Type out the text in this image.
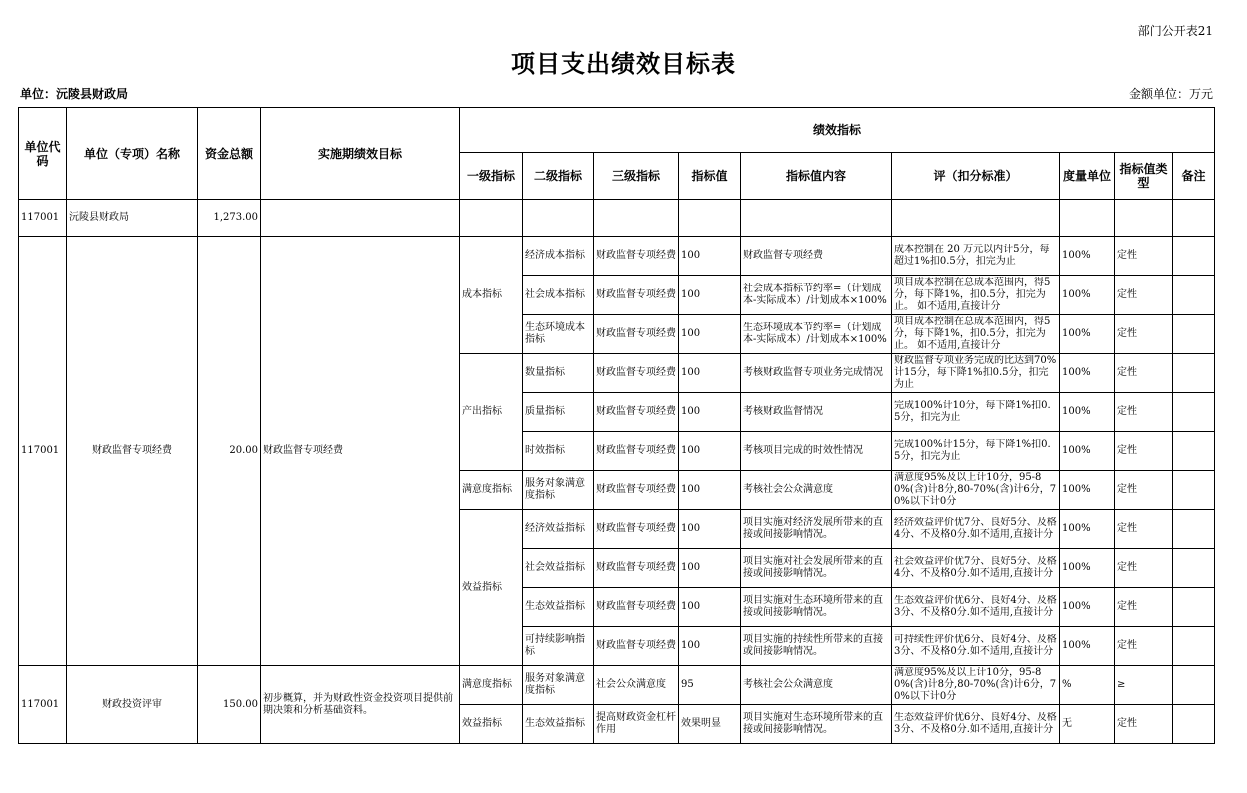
部门公开表21
项目支出绩效目标表
单位：沅陵县财政局	金额单位：万元
单位代码	单位（专项）名称	资金总额	实施期绩效目标	绩效指标								
				一级指标	二级指标	三级指标	指标值	指标值内容	评（扣分标准）	度量单位	指标值类型	备注
117001	沅陵县财政局	1,273.00										
117001	财政监督专项经费	20.00	财政监督专项经费	成本指标	经济成本指标	财政监督专项经费	100	财政监督专项经费	成本控制在 20 万元以内计5分，每超过1%扣0.5分，扣完为止	100%	定性	
					社会成本指标	财政监督专项经费	100	社会成本指标节约率=（计划成本-实际成本）/计划成本×100%	项目成本控制在总成本范围内，得5分，每下降1%，扣0.5分，扣完为止。 如不适用,直接计分	100%	定性	
					生态环境成本指标	财政监督专项经费	100	生态环境成本节约率=（计划成本-实际成本）/计划成本×100%	项目成本控制在总成本范围内，得5分，每下降1%，扣0.5分，扣完为止。 如不适用,直接计分	100%	定性	
				产出指标	数量指标	财政监督专项经费	100	考核财政监督专项业务完成情况	财政监督专项业务完成的比达到70%计15分，每下降1%扣0.5分，扣完为止	100%	定性	
					质量指标	财政监督专项经费	100	考核财政监督情况	完成100%计10分，每下降1%扣0.5分，扣完为止	100%	定性	
					时效指标	财政监督专项经费	100	考核项目完成的时效性情况	完成100%计15分，每下降1%扣0.5分，扣完为止	100%	定性	
				满意度指标	服务对象满意度指标	财政监督专项经费	100	考核社会公众满意度	满意度95%及以上计10分，95-80%(含)计8分,80-70%(含)计6分，70%以下计0分	100%	定性	
				效益指标	经济效益指标	财政监督专项经费	100	项目实施对经济发展所带来的直接或间接影响情况。	经济效益评价优7分、良好5分、及格4分、不及格0分.如不适用,直接计分	100%	定性	
					社会效益指标	财政监督专项经费	100	项目实施对社会发展所带来的直接或间接影响情况。	社会效益评价优7分、良好5分、及格4分、不及格0分.如不适用,直接计分	100%	定性	
					生态效益指标	财政监督专项经费	100	项目实施对生态环境所带来的直接或间接影响情况。	生态效益评价优6分、良好4分、及格3分、不及格0分.如不适用,直接计分	100%	定性	
					可持续影响指标	财政监督专项经费	100	项目实施的持续性所带来的直接或间接影响情况。	可持续性评价优6分、良好4分、及格3分、不及格0分.如不适用,直接计分	100%	定性	
117001	财政投资评审	150.00	初步概算，并为财政性资金投资项目提供前期决策和分析基础资料。	满意度指标	服务对象满意度指标	社会公众满意度	95	考核社会公众满意度	满意度95%及以上计10分，95-80%(含)计8分,80-70%(含)计6分，70%以下计0分	%	≥	
				效益指标	生态效益指标	提高财政资金杠杆作用	效果明显	项目实施对生态环境所带来的直接或间接影响情况。	生态效益评价优6分、良好4分、及格3分、不及格0分.如不适用,直接计分	无	定性	
